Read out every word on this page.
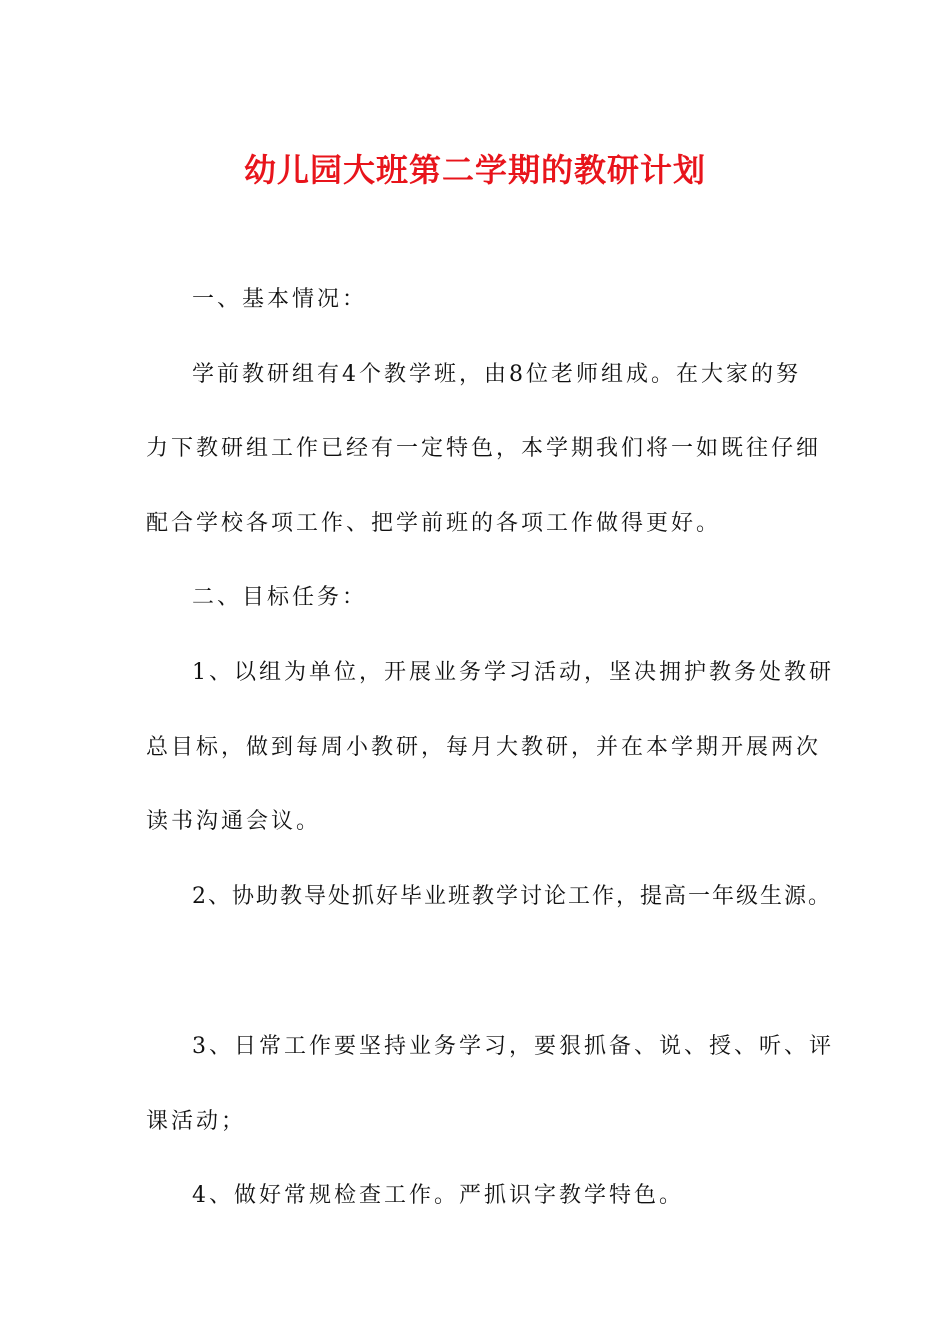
幼儿园大班第二学期的教研计划
一、基本情况：
学前教研组有4个教学班，由8位老师组成。在大家的努
力下教研组工作已经有一定特色，本学期我们将一如既往仔细
配合学校各项工作、把学前班的各项工作做得更好。
二、目标任务：
1、以组为单位，开展业务学习活动，坚决拥护教务处教研
总目标，做到每周小教研，每月大教研，并在本学期开展两次
读书沟通会议。
2、协助教导处抓好毕业班教学讨论工作，提高一年级生源。
3、日常工作要坚持业务学习，要狠抓备、说、授、听、评
课活动；
4、做好常规检查工作。严抓识字教学特色。
